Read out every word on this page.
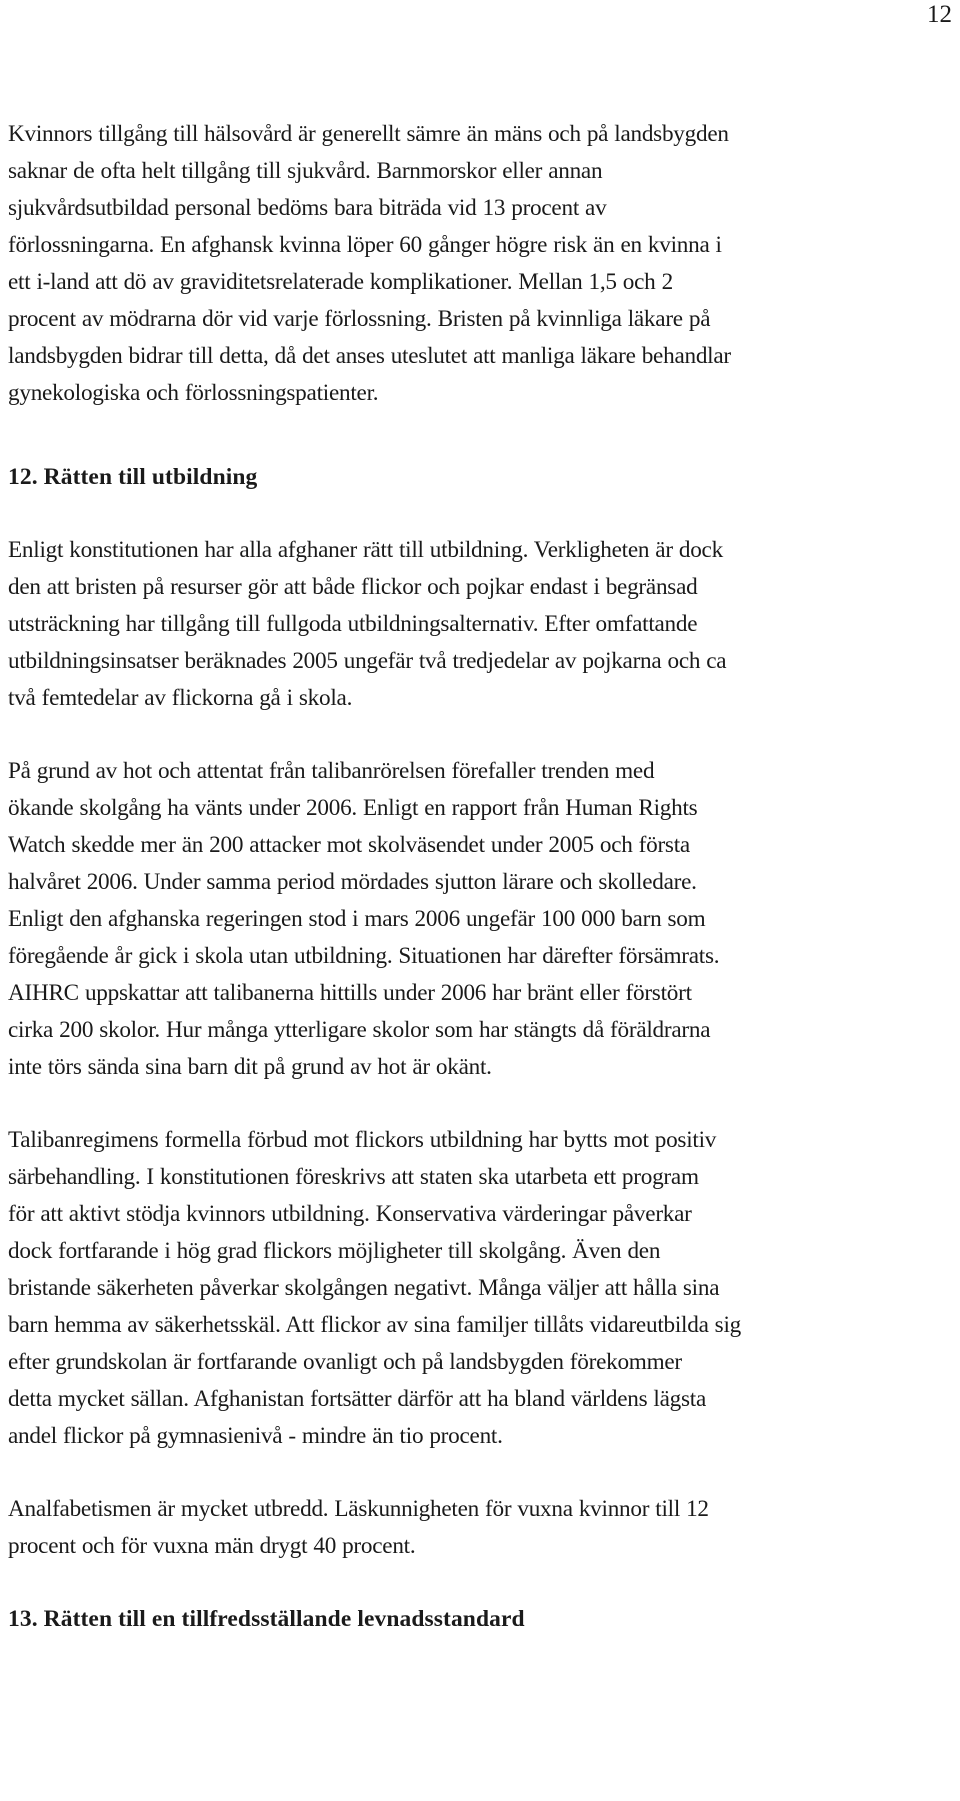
12

Kvinnors tillgång till hälsovård är generellt sämre än mäns och på landsbygden
saknar de ofta helt tillgång till sjukvård. Barnmorskor eller annan
sjukvårdsutbildad personal bedöms bara biträda vid 13 procent av
förlossningarna. En afghansk kvinna löper 60 gånger högre risk än en kvinna i
ett i-land att dö av graviditetsrelaterade komplikationer. Mellan 1,5 och 2
procent av mödrarna dör vid varje förlossning. Bristen på kvinnliga läkare på
landsbygden bidrar till detta, då det anses uteslutet att manliga läkare behandlar
gynekologiska och förlossningspatienter.

12. Rätten till utbildning

Enligt konstitutionen har alla afghaner rätt till utbildning. Verkligheten är dock
den att bristen på resurser gör att både flickor och pojkar endast i begränsad
utsträckning har tillgång till fullgoda utbildningsalternativ. Efter omfattande
utbildningsinsatser beräknades 2005 ungefär två tredjedelar av pojkarna och ca
två femtedelar av flickorna gå i skola.

På grund av hot och attentat från talibanrörelsen förefaller trenden med
ökande skolgång ha vänts under 2006. Enligt en rapport från Human Rights
Watch skedde mer än 200 attacker mot skolväsendet under 2005 och första
halvåret 2006. Under samma period mördades sjutton lärare och skolledare.
Enligt den afghanska regeringen stod i mars 2006 ungefär 100 000 barn som
föregående år gick i skola utan utbildning. Situationen har därefter försämrats.
AIHRC uppskattar att talibanerna hittills under 2006 har bränt eller förstört
cirka 200 skolor. Hur många ytterligare skolor som har stängts då föräldrarna
inte törs sända sina barn dit på grund av hot är okänt.

Talibanregimens formella förbud mot flickors utbildning har bytts mot positiv
särbehandling. I konstitutionen föreskrivs att staten ska utarbeta ett program
för att aktivt stödja kvinnors utbildning. Konservativa värderingar påverkar
dock fortfarande i hög grad flickors möjligheter till skolgång. Även den
bristande säkerheten påverkar skolgången negativt. Många väljer att hålla sina
barn hemma av säkerhetsskäl. Att flickor av sina familjer tillåts vidareutbilda sig
efter grundskolan är fortfarande ovanligt och på landsbygden förekommer
detta mycket sällan. Afghanistan fortsätter därför att ha bland världens lägsta
andel flickor på gymnasienivå - mindre än tio procent.

Analfabetismen är mycket utbredd. Läskunnigheten för vuxna kvinnor till 12
procent och för vuxna män drygt 40 procent.

13. Rätten till en tillfredsställande levnadsstandard
